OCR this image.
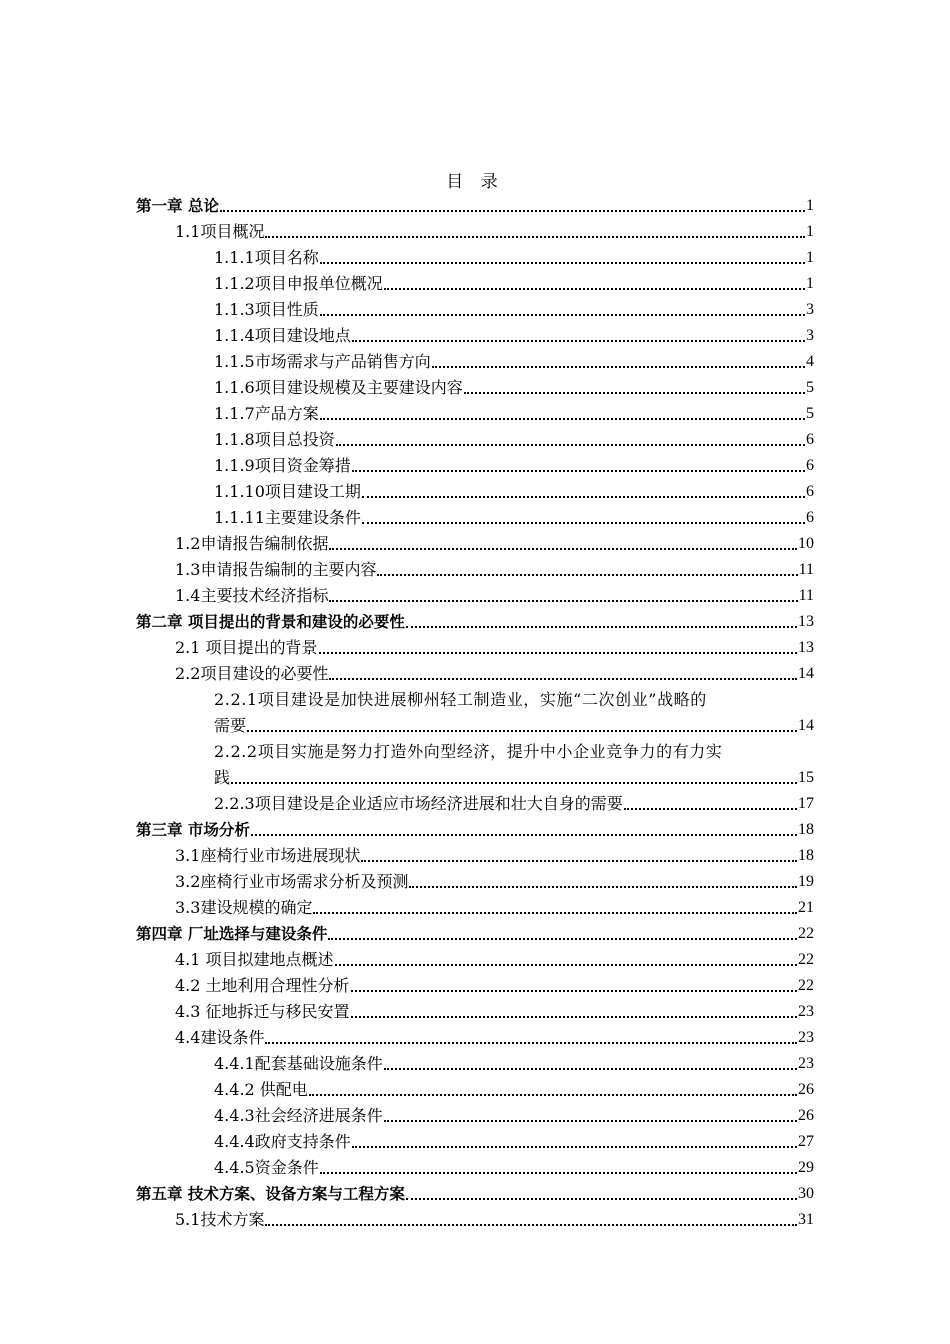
目 录
第一章 总论	1
1.1项目概况	1
1.1.1项目名称	1
1.1.2项目申报单位概况	1
1.1.3项目性质	3
1.1.4项目建设地点	3
1.1.5市场需求与产品销售方向	4
1.1.6项目建设规模及主要建设内容	5
1.1.7产品方案	5
1.1.8项目总投资	6
1.1.9项目资金筹措	6
1.1.10项目建设工期	6
1.1.11主要建设条件	6
1.2申请报告编制依据	10
1.3申请报告编制的主要内容	11
1.4主要技术经济指标	11
第二章 项目提出的背景和建设的必要性	13
2.1 项目提出的背景	13
2.2项目建设的必要性	14
2.2.1项目建设是加快进展柳州轻工制造业，实施“二次创业”战略的
需要	14
2.2.2项目实施是努力打造外向型经济，提升中小企业竞争力的有力实
践	15
2.2.3项目建设是企业适应市场经济进展和壮大自身的需要	17
第三章 市场分析	18
3.1座椅行业市场进展现状	18
3.2座椅行业市场需求分析及预测	19
3.3建设规模的确定	21
第四章 厂址选择与建设条件	22
4.1 项目拟建地点概述	22
4.2 土地利用合理性分析	22
4.3 征地拆迁与移民安置	23
4.4建设条件	23
4.4.1配套基础设施条件	23
4.4.2 供配电	26
4.4.3社会经济进展条件	26
4.4.4政府支持条件	27
4.4.5资金条件	29
第五章 技术方案、设备方案与工程方案	30
5.1技术方案	31
